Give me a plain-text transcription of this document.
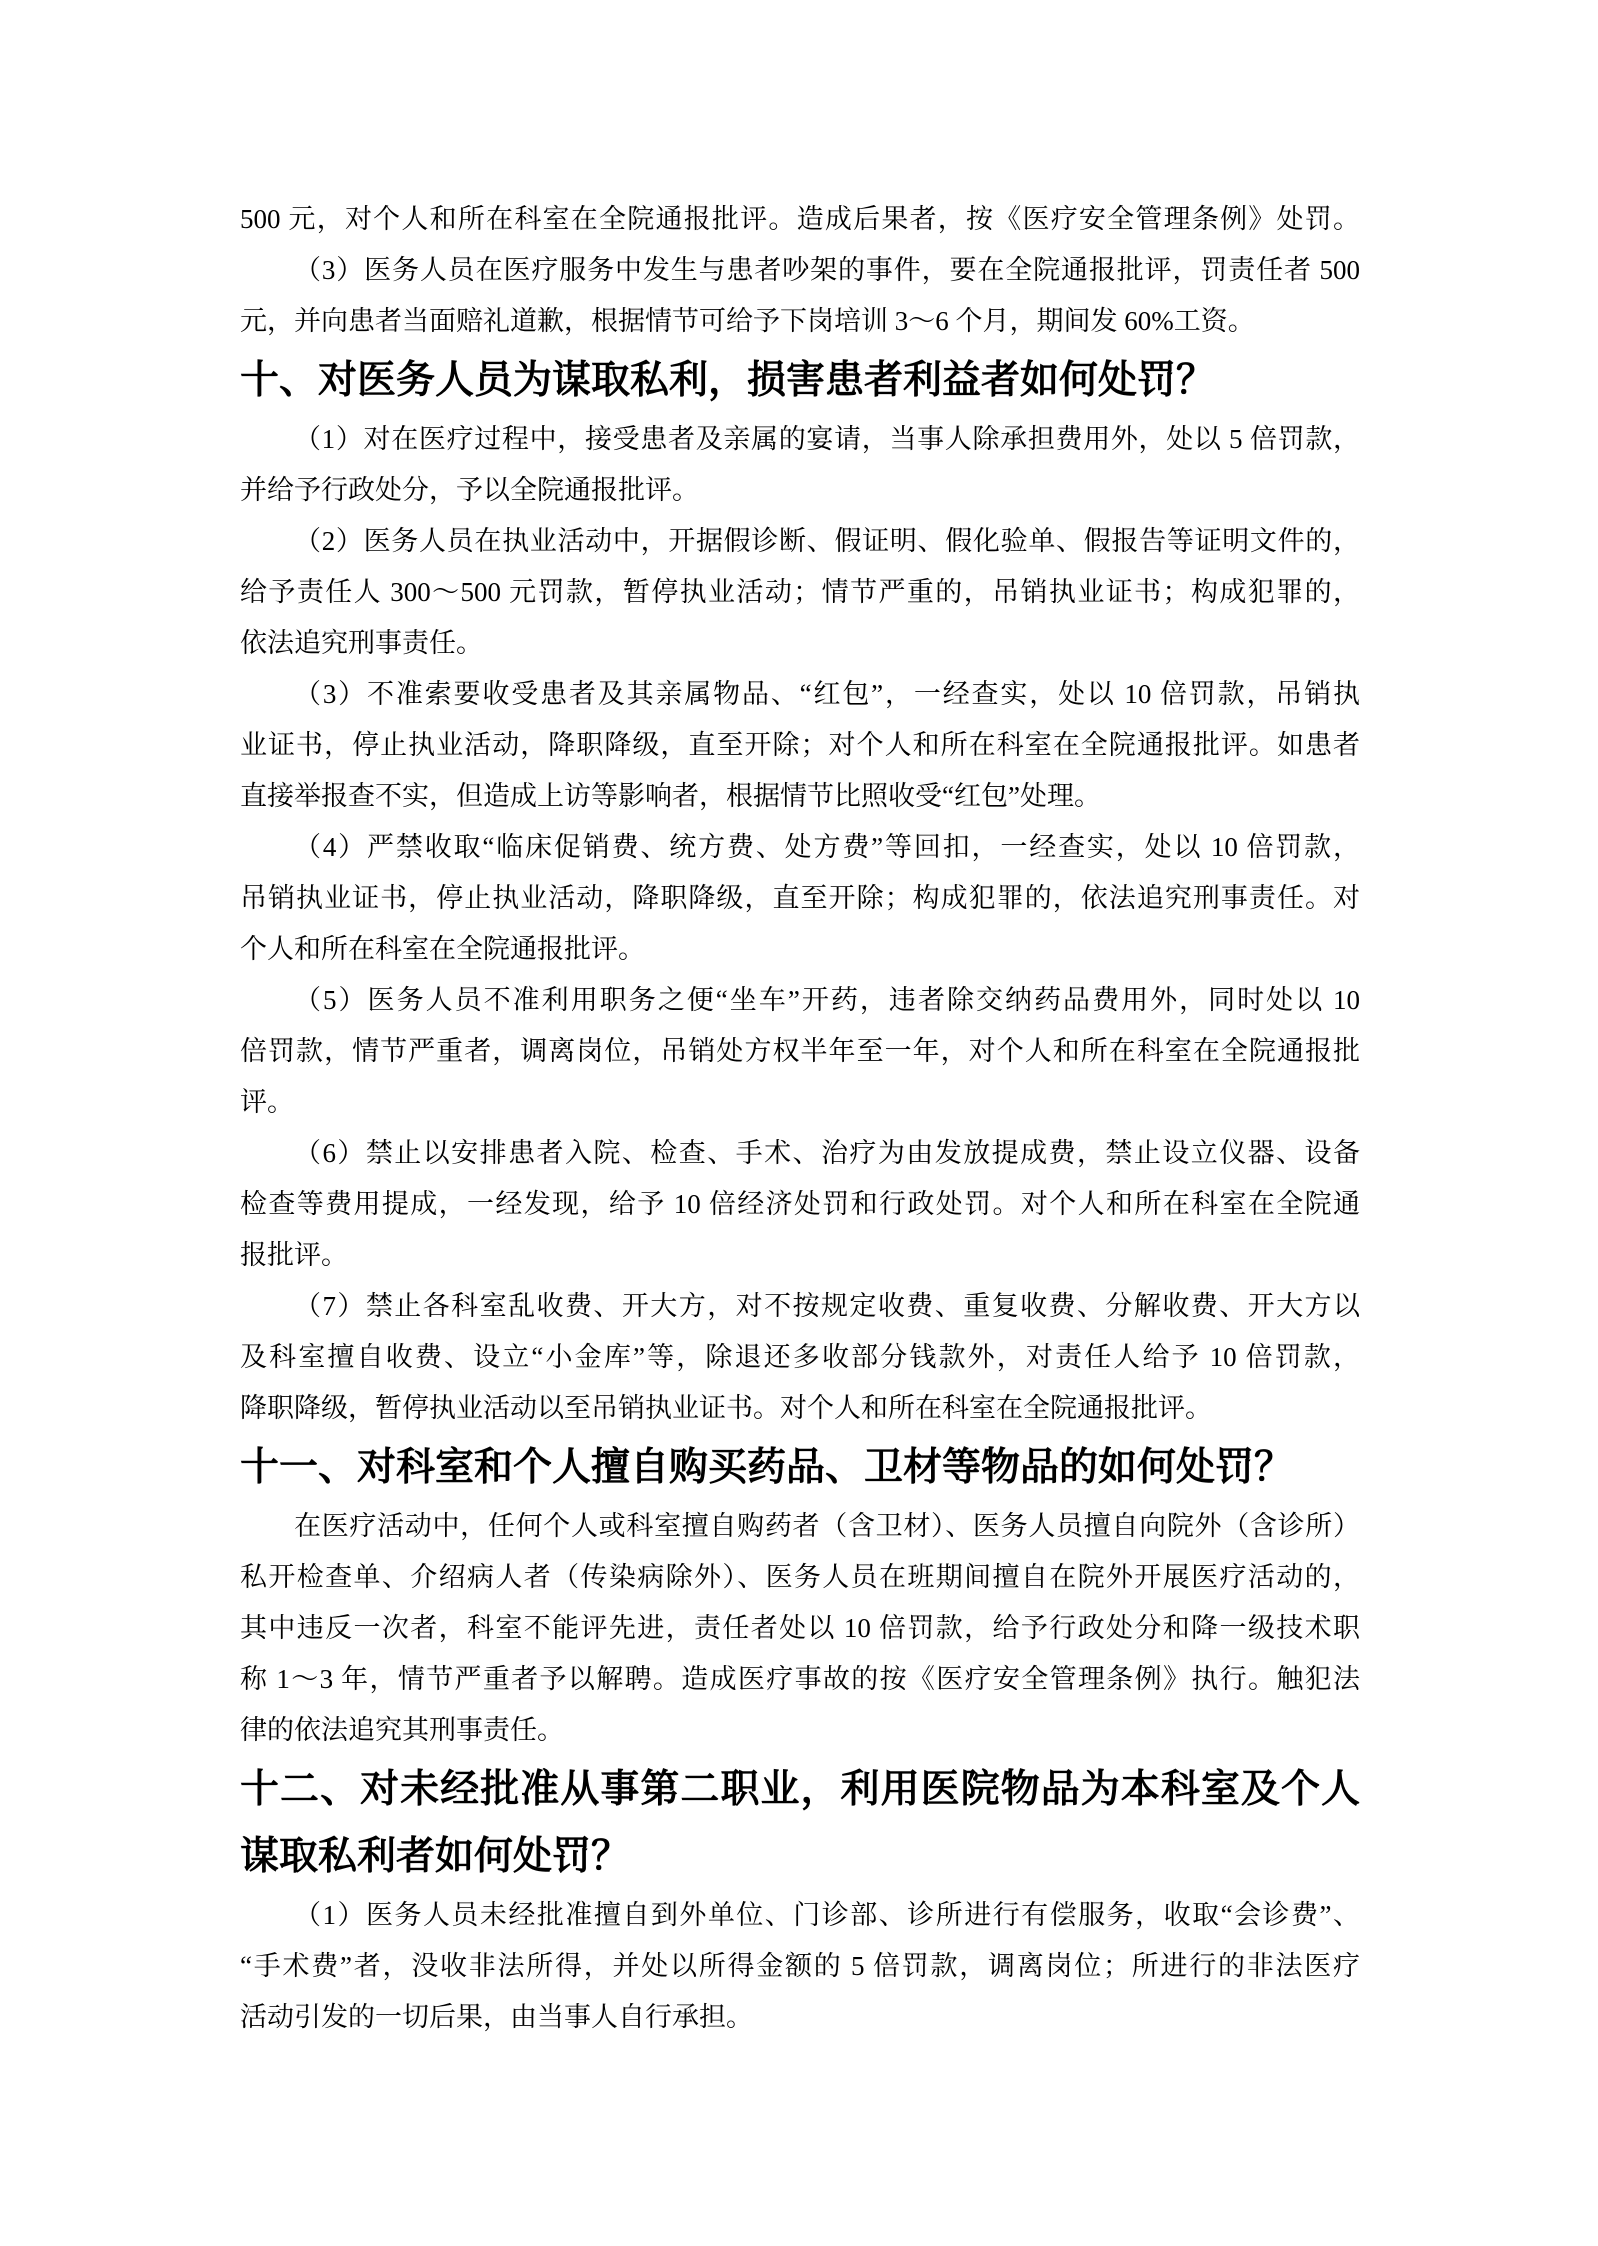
500 元，对个人和所在科室在全院通报批评。造成后果者，按《医疗安全管理条例》处罚。
（3）医务人员在医疗服务中发生与患者吵架的事件，要在全院通报批评，罚责任者 500
元，并向患者当面赔礼道歉，根据情节可给予下岗培训 3～6 个月，期间发 60%工资。
十、对医务人员为谋取私利，损害患者利益者如何处罚？
（1）对在医疗过程中，接受患者及亲属的宴请，当事人除承担费用外，处以 5 倍罚款，
并给予行政处分，予以全院通报批评。
（2）医务人员在执业活动中，开据假诊断、假证明、假化验单、假报告等证明文件的，
给予责任人 300～500 元罚款，暂停执业活动；情节严重的，吊销执业证书；构成犯罪的，
依法追究刑事责任。
（3）不准索要收受患者及其亲属物品、“红包”，一经查实，处以 10 倍罚款，吊销执
业证书，停止执业活动，降职降级，直至开除；对个人和所在科室在全院通报批评。如患者
直接举报查不实，但造成上访等影响者，根据情节比照收受“红包”处理。
（4）严禁收取“临床促销费、统方费、处方费”等回扣，一经查实，处以 10 倍罚款，
吊销执业证书，停止执业活动，降职降级，直至开除；构成犯罪的，依法追究刑事责任。对
个人和所在科室在全院通报批评。
（5）医务人员不准利用职务之便“坐车”开药，违者除交纳药品费用外，同时处以 10
倍罚款，情节严重者，调离岗位，吊销处方权半年至一年，对个人和所在科室在全院通报批
评。
（6）禁止以安排患者入院、检查、手术、治疗为由发放提成费，禁止设立仪器、设备
检查等费用提成，一经发现，给予 10 倍经济处罚和行政处罚。对个人和所在科室在全院通
报批评。
（7）禁止各科室乱收费、开大方，对不按规定收费、重复收费、分解收费、开大方以
及科室擅自收费、设立“小金库”等，除退还多收部分钱款外，对责任人给予 10 倍罚款，
降职降级，暂停执业活动以至吊销执业证书。对个人和所在科室在全院通报批评。
十一、对科室和个人擅自购买药品、卫材等物品的如何处罚？
在医疗活动中，任何个人或科室擅自购药者（含卫材）、医务人员擅自向院外（含诊所）
私开检查单、介绍病人者（传染病除外）、医务人员在班期间擅自在院外开展医疗活动的，
其中违反一次者，科室不能评先进，责任者处以 10 倍罚款，给予行政处分和降一级技术职
称 1～3 年，情节严重者予以解聘。造成医疗事故的按《医疗安全管理条例》执行。触犯法
律的依法追究其刑事责任。
十二、对未经批准从事第二职业，利用医院物品为本科室及个人
谋取私利者如何处罚？
（1）医务人员未经批准擅自到外单位、门诊部、诊所进行有偿服务，收取“会诊费”、
“手术费”者，没收非法所得，并处以所得金额的 5 倍罚款，调离岗位；所进行的非法医疗
活动引发的一切后果，由当事人自行承担。
